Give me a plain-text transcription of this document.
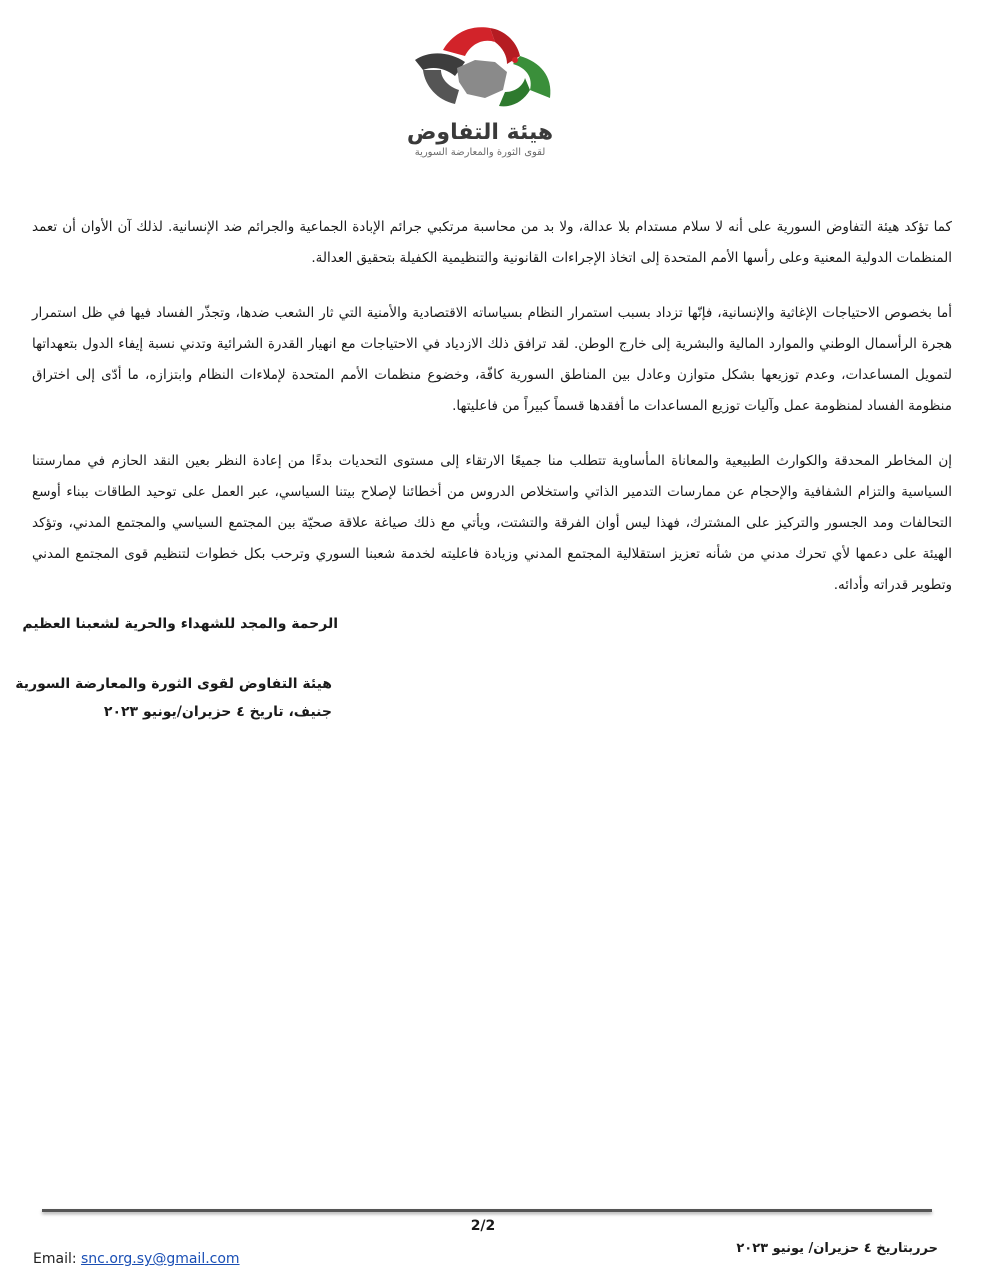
هيئة التفاوض
لقوى الثورة والمعارضة السورية

كما تؤكد هيئة التفاوض السورية على أنه لا سلام مستدام بلا عدالة، ولا بد من محاسبة مرتكبي جرائم الإبادة الجماعية والجرائم ضد الإنسانية. لذلك آن الأوان أن تعمد المنظمات الدولية المعنية وعلى رأسها الأمم المتحدة إلى اتخاذ الإجراءات القانونية والتنظيمية الكفيلة بتحقيق العدالة.

أما بخصوص الاحتياجات الإغاثية والإنسانية، فإنّها تزداد بسبب استمرار النظام بسياساته الاقتصادية والأمنية التي ثار الشعب ضدها، وتجذّر الفساد فيها في ظل استمرار هجرة الرأسمال الوطني والموارد المالية والبشرية إلى خارج الوطن. لقد ترافق ذلك الازدياد في الاحتياجات مع انهيار القدرة الشرائية وتدني نسبة إيفاء الدول بتعهداتها لتمويل المساعدات، وعدم توزيعها بشكل متوازن وعادل بين المناطق السورية كافّة، وخضوع منظمات الأمم المتحدة لإملاءات النظام وابتزازه، ما أدّى إلى اختراق منظومة الفساد لمنظومة عمل وآليات توزيع المساعدات ما أفقدها قسماً كبيراً من فاعليتها.

إن المخاطر المحدقة والكوارث الطبيعية والمعاناة المأساوية تتطلب منا جميعًا الارتقاء إلى مستوى التحديات بدءًا من إعادة النظر بعين النقد الحازم في ممارستنا السياسية والتزام الشفافية والإحجام عن ممارسات التدمير الذاتي واستخلاص الدروس من أخطائنا لإصلاح بيتنا السياسي، عبر العمل على توحيد الطاقات ببناء أوسع التحالفات ومد الجسور والتركيز على المشترك، فهذا ليس أوان الفرقة والتشتت، ويأتي مع ذلك صياغة علاقة صحيّة بين المجتمع السياسي والمجتمع المدني، وتؤكد الهيئة على دعمها لأي تحرك مدني من شأنه تعزيز استقلالية المجتمع المدني وزيادة فاعليته لخدمة شعبنا السوري وترحب بكل خطوات لتنظيم قوى المجتمع المدني وتطوير قدراته وأدائه.

الرحمة والمجد للشهداء والحرية لشعبنا العظيم
هيئة التفاوض لقوى الثورة والمعارضة السورية
جنيف، تاريخ ٤ حزيران/يونيو ٢٠٢٣
2/2
Email: snc.org.sy@gmail.com
حرربتاريخ ٤ حزيران/ يونيو ٢٠٢٣
